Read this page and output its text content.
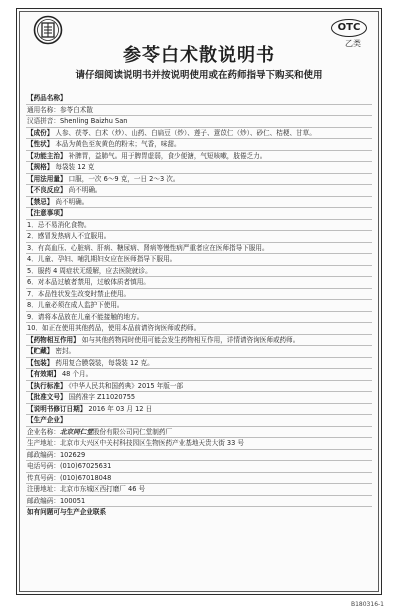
OTC
乙类
参苓白术散说明书
请仔细阅读说明书并按说明使用或在药师指导下购买和使用
【药品名称】
通用名称：参苓白术散
汉语拼音：Shenling Baizhu San
【成份】 人参、茯苓、白术（炒）、山药、白扁豆（炒）、莲子、薏苡仁（炒）、砂仁、桔梗、甘草。
【性状】 本品为黄色至灰黄色的粉末；气香，味甜。
【功能主治】 补脾胃，益肺气。用于脾胃虚弱，食少便溏，气短咳嗽，肢倦乏力。
【规格】 每袋装 12 克
【用法用量】 口服，一次 6～9 克，一日 2～3 次。
【不良反应】 尚不明确。
【禁忌】 尚不明确。
【注意事项】
1．忌不易消化食物。
2．感冒发热病人不宜服用。
3．有高血压、心脏病、肝病、糖尿病、肾病等慢性病严重者应在医师指导下服用。
4．儿童、孕妇、哺乳期妇女应在医师指导下服用。
5．服药 4 周症状无缓解，应去医院就诊。
6．对本品过敏者禁用，过敏体质者慎用。
7．本品性状发生改变时禁止使用。
8．儿童必须在成人监护下使用。
9．请将本品放在儿童不能接触的地方。
10．如正在使用其他药品，使用本品前请咨询医师或药师。
【药物相互作用】 如与其他药物同时使用可能会发生药物相互作用，详情请咨询医师或药师。
【贮藏】 密封。
【包装】 药用复合膜袋装，每袋装 12 克。
【有效期】 48 个月。
【执行标准】 《中华人民共和国药典》2015 年版一部
【批准文号】 国药准字 Z11020755
【说明书修订日期】 2016 年 03 月 12 日
【生产企业】
企业名称：北京同仁堂股份有限公司同仁堂制药厂
生产地址：北京市大兴区中关村科技园区生物医药产业基地天贵大街 33 号
邮政编码：102629
电话号码：(010)67025631
传真号码：(010)67018048
注册地址：北京市东城区西打磨厂 46 号
邮政编码：100051
如有问题可与生产企业联系
B180316-1
